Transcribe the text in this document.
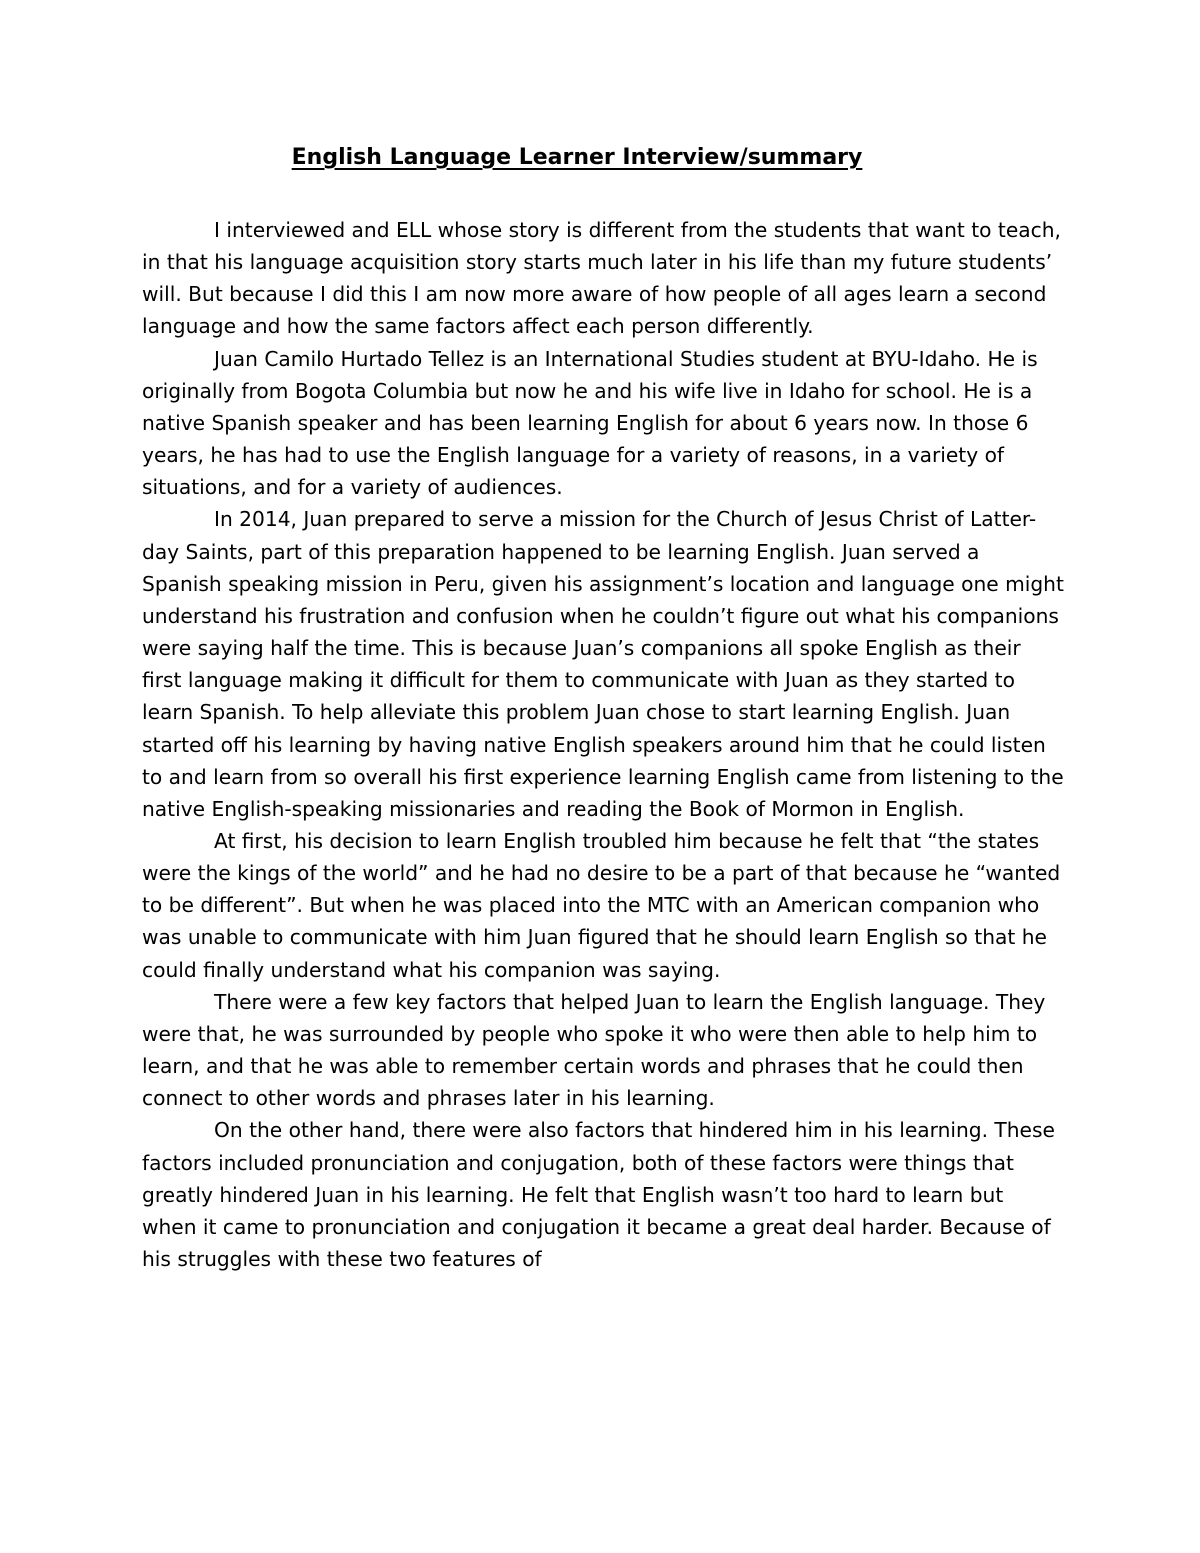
English Language Learner Interview/summary

I interviewed and ELL whose story is different from the students that want to teach, in that his language acquisition story starts much later in his life than my future students’ will. But because I did this I am now more aware of how people of all ages learn a second language and how the same factors affect each person differently.

Juan Camilo Hurtado Tellez is an International Studies student at BYU-Idaho. He is originally from Bogota Columbia but now he and his wife live in Idaho for school. He is a native Spanish speaker and has been learning English for about 6 years now. In those 6 years, he has had to use the English language for a variety of reasons, in a variety of situations, and for a variety of audiences.

In 2014, Juan prepared to serve a mission for the Church of Jesus Christ of Latter-day Saints, part of this preparation happened to be learning English. Juan served a Spanish speaking mission in Peru, given his assignment’s location and language one might understand his frustration and confusion when he couldn’t figure out what his companions were saying half the time. This is because Juan’s companions all spoke English as their first language making it difficult for them to communicate with Juan as they started to learn Spanish. To help alleviate this problem Juan chose to start learning English. Juan started off his learning by having native English speakers around him that he could listen to and learn from so overall his first experience learning English came from listening to the native English-speaking missionaries and reading the Book of Mormon in English.

At first, his decision to learn English troubled him because he felt that “the states were the kings of the world” and he had no desire to be a part of that because he “wanted to be different”. But when he was placed into the MTC with an American companion who was unable to communicate with him Juan figured that he should learn English so that he could finally understand what his companion was saying.

There were a few key factors that helped Juan to learn the English language. They were that, he was surrounded by people who spoke it who were then able to help him to learn, and that he was able to remember certain words and phrases that he could then connect to other words and phrases later in his learning.

On the other hand, there were also factors that hindered him in his learning. These factors included pronunciation and conjugation, both of these factors were things that greatly hindered Juan in his learning. He felt that English wasn’t too hard to learn but when it came to pronunciation and conjugation it became a great deal harder. Because of his struggles with these two features of
